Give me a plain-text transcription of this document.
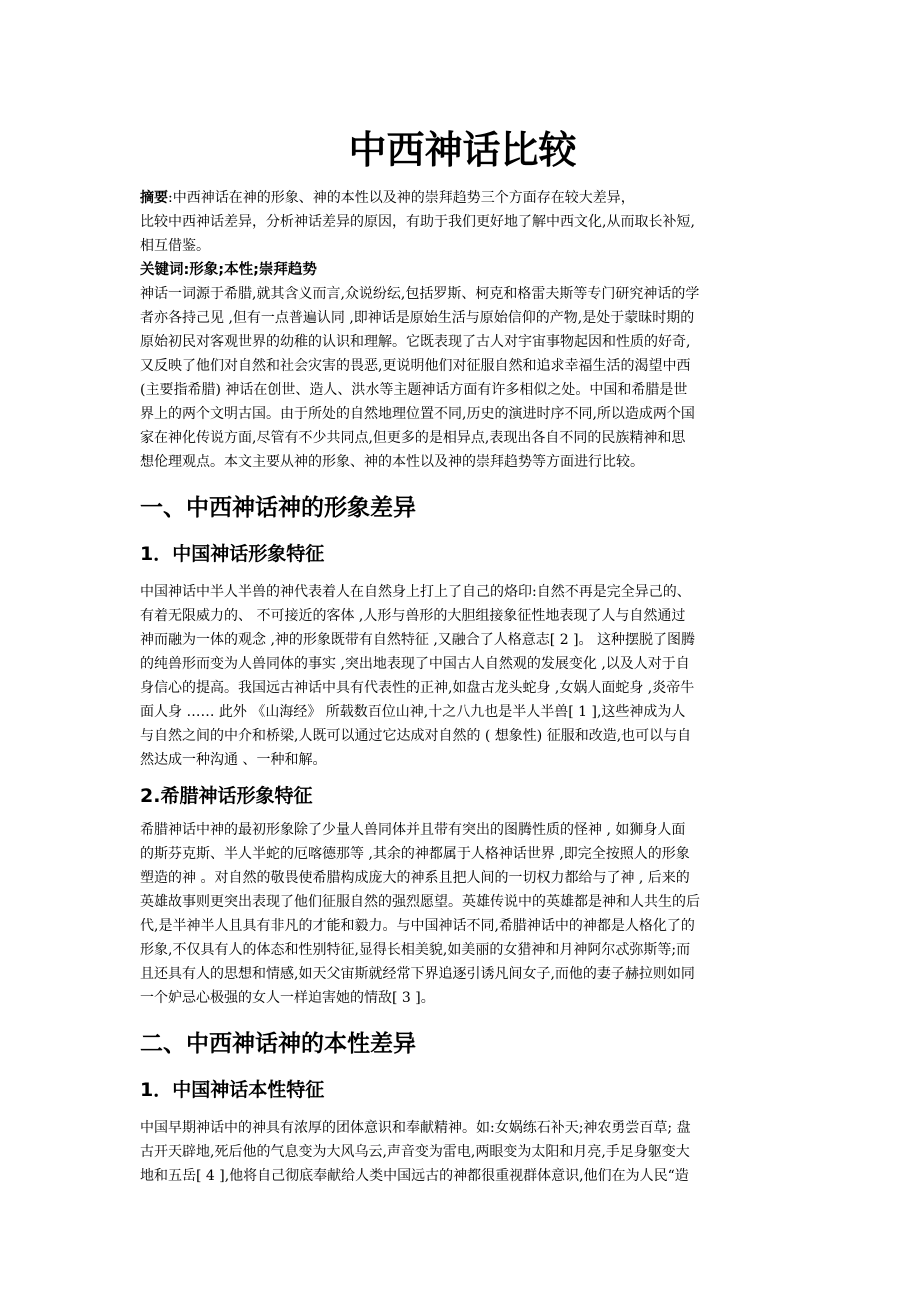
中西神话比较
摘要:中西神话在神的形象、神的本性以及神的崇拜趋势三个方面存在较大差异，
比较中西神话差异，分析神话差异的原因，有助于我们更好地了解中西文化,从而取长补短,
相互借鉴。
关键词:形象;本性;崇拜趋势
神话一词源于希腊,就其含义而言,众说纷纭,包括罗斯、柯克和格雷夫斯等专门研究神话的学
者亦各持己见 ,但有一点普遍认同 ,即神话是原始生活与原始信仰的产物,是处于蒙昧时期的
原始初民对客观世界的幼稚的认识和理解。它既表现了古人对宇宙事物起因和性质的好奇,
又反映了他们对自然和社会灾害的畏恶,更说明他们对征服自然和追求幸福生活的渴望中西
(主要指希腊) 神话在创世、造人、洪水等主题神话方面有许多相似之处。中国和希腊是世
界上的两个文明古国。由于所处的自然地理位置不同,历史的演进时序不同,所以造成两个国
家在神化传说方面,尽管有不少共同点,但更多的是相异点,表现出各自不同的民族精神和思
想伦理观点。本文主要从神的形象、神的本性以及神的崇拜趋势等方面进行比较。
一、中西神话神的形象差异
1．中国神话形象特征
中国神话中半人半兽的神代表着人在自然身上打上了自己的烙印:自然不再是完全异己的、
有着无限威力的、 不可接近的客体 ,人形与兽形的大胆组接象征性地表现了人与自然通过
神而融为一体的观念 ,神的形象既带有自然特征 ,又融合了人格意志[ 2 ]。 这种摆脱了图腾
的纯兽形而变为人兽同体的事实 ,突出地表现了中国古人自然观的发展变化 ,以及人对于自
身信心的提高。我国远古神话中具有代表性的正神,如盘古龙头蛇身 ,女娲人面蛇身 ,炎帝牛
面人身 …… 此外 《山海经》 所载数百位山神,十之八九也是半人半兽[ 1 ],这些神成为人
与自然之间的中介和桥梁,人既可以通过它达成对自然的 ( 想象性) 征服和改造,也可以与自
然达成一种沟通 、一种和解。
2.希腊神话形象特征
希腊神话中神的最初形象除了少量人兽同体并且带有突出的图腾性质的怪神 , 如狮身人面
的斯芬克斯、半人半蛇的厄喀德那等 ,其余的神都属于人格神话世界 ,即完全按照人的形象
塑造的神 。对自然的敬畏使希腊构成庞大的神系且把人间的一切权力都给与了神 , 后来的
英雄故事则更突出表现了他们征服自然的强烈愿望。英雄传说中的英雄都是神和人共生的后
代,是半神半人且具有非凡的才能和毅力。与中国神话不同,希腊神话中的神都是人格化了的
形象,不仅具有人的体态和性别特征,显得长相美貌,如美丽的女猎神和月神阿尔忒弥斯等;而
且还具有人的思想和情感,如天父宙斯就经常下界追逐引诱凡间女子,而他的妻子赫拉则如同
一个妒忌心极强的女人一样迫害她的情敌[ 3 ]。
二、中西神话神的本性差异
1．中国神话本性特征
中国早期神话中的神具有浓厚的团体意识和奉献精神。如:女娲练石补天;神农勇尝百草; 盘
古开天辟地,死后他的气息变为大风乌云,声音变为雷电,两眼变为太阳和月亮,手足身躯变大
地和五岳[ 4 ],他将自己彻底奉献给人类中国远古的神都很重视群体意识,他们在为人民“造
